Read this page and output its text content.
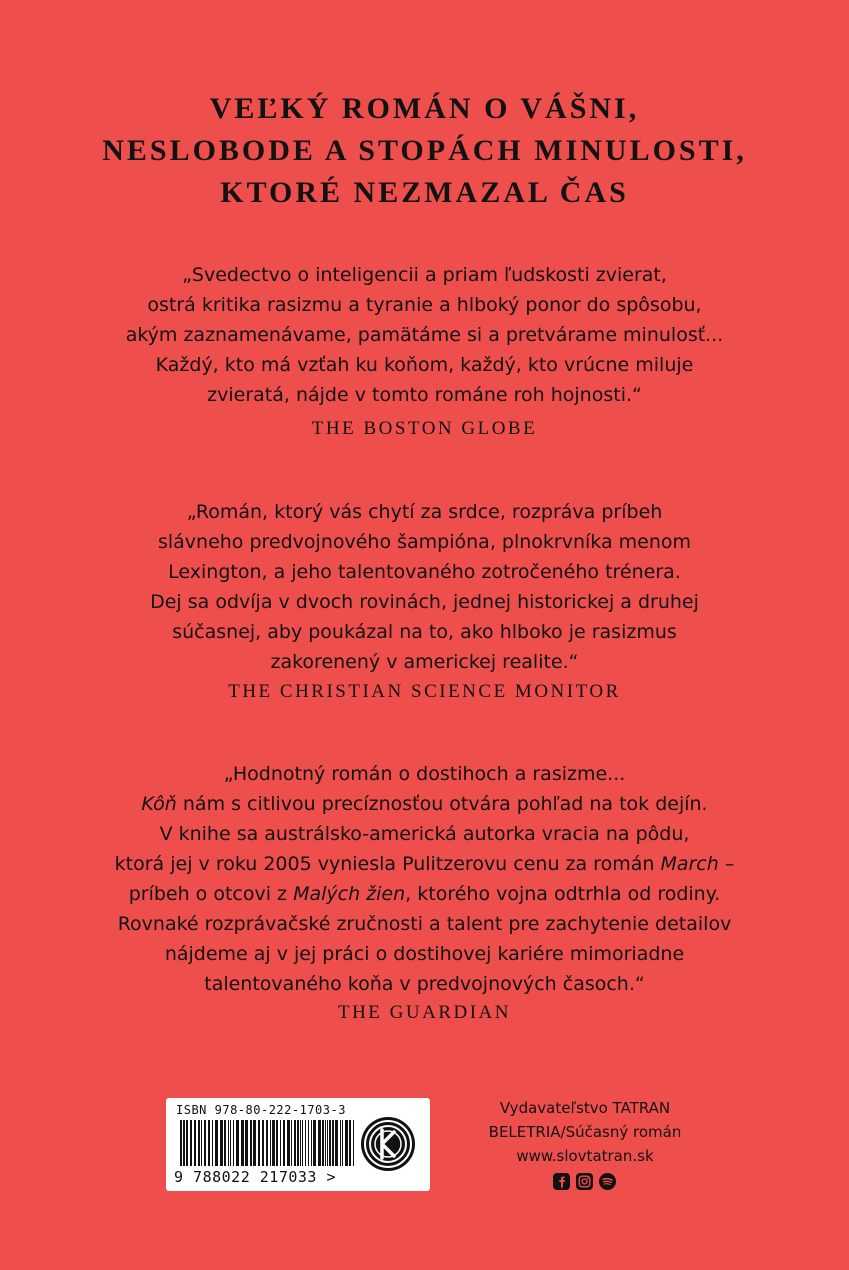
VEĽKÝ ROMÁN O VÁŠNI,
NESLOBODE A STOPÁCH MINULOSTI,
KTORÉ NEZMAZAL ČAS

„Svedectvo o inteligencii a priam ľudskosti zvierat,
ostrá kritika rasizmu a tyranie a hlboký ponor do spôsobu,
akým zaznamenávame, pamätáme si a pretvárame minulosť...
Každý, kto má vzťah ku koňom, každý, kto vrúcne miluje
zvieratá, nájde v tomto románe roh hojnosti.“

THE BOSTON GLOBE

„Román, ktorý vás chytí za srdce, rozpráva príbeh
slávneho predvojnového šampióna, plnokrvníka menom
Lexington, a jeho talentovaného zotročeného trénera.
Dej sa odvíja v dvoch rovinách, jednej historickej a druhej
súčasnej, aby poukázal na to, ako hlboko je rasizmus
zakorenený v americkej realite.“

THE CHRISTIAN SCIENCE MONITOR

„Hodnotný román o dostihoch a rasizme...
Kôň nám s citlivou precíznosťou otvára pohľad na tok dejín.
V knihe sa austrálsko-americká autorka vracia na pôdu,
ktorá jej v roku 2005 vyniesla Pulitzerovu cenu za román March –
príbeh o otcovi z Malých žien, ktorého vojna odtrhla od rodiny.
Rovnaké rozprávačské zručnosti a talent pre zachytenie detailov
nájdeme aj v jej práci o dostihovej kariére mimoriadne
talentovaného koňa v predvojnových časoch.“

THE GUARDIAN

ISBN 978-80-222-1703-3
9 788022 217033 >
Vydavateľstvo TATRAN
BELETRIA/Súčasný román
www.slovtatran.sk
